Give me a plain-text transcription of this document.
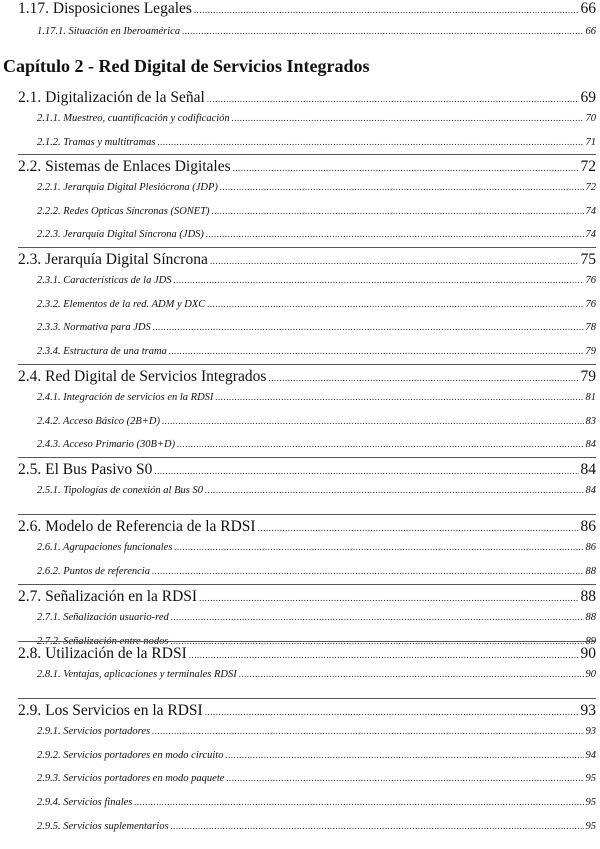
1.17. Disposiciones Legales .....	66
1.17.1. Situación en Iberoamérica .....	66
Capítulo 2 - Red Digital de Servicios Integrados
2.1. Digitalización de la Señal .....	69
2.1.1. Muestreo, cuantificación y codificación .....	70
2.1.2. Tramas y multitramas .....	71
2.2. Sistemas de Enlaces Digitales .....	72
2.2.1. Jerarquía Digital Plesiócrona (JDP) .....	72
2.2.2. Redes Ópticas Síncronas (SONET) .....	74
2.2.3. Jerarquía Digital Síncrona (JDS) .....	74
2.3. Jerarquía Digital Síncrona .....	75
2.3.1. Características de la JDS .....	76
2.3.2. Elementos de la red. ADM y DXC .....	76
2.3.3. Normativa para JDS .....	78
2.3.4. Estructura de una trama .....	79
2.4. Red Digital de Servicios Integrados .....	79
2.4.1. Integración de servicios en la RDSI .....	81
2.4.2. Acceso Básico (2B+D) .....	83
2.4.3. Acceso Primario (30B+D) .....	84
2.5. El Bus Pasivo S0 .....	84
2.5.1. Tipologías de conexión al Bus S0 .....	84
2.6. Modelo de Referencia de la RDSI .....	86
2.6.1. Agrupaciones funcionales .....	86
2.6.2. Puntos de referencia .....	88
2.7. Señalización en la RDSI .....	88
2.7.1. Señalización usuario-red .....	88
2.7.2. Señalización entre nodos .....	89
2.8. Utilización de la RDSI .....	90
2.8.1. Ventajas, aplicaciones y terminales RDSI .....	90
2.9. Los Servicios en la RDSI .....	93
2.9.1. Servicios portadores .....	93
2.9.2. Servicios portadores en modo circuito .....	94
2.9.3. Servicios portadores en modo paquete .....	95
2.9.4. Servicios finales .....	95
2.9.5. Servicios suplementarios .....	95
